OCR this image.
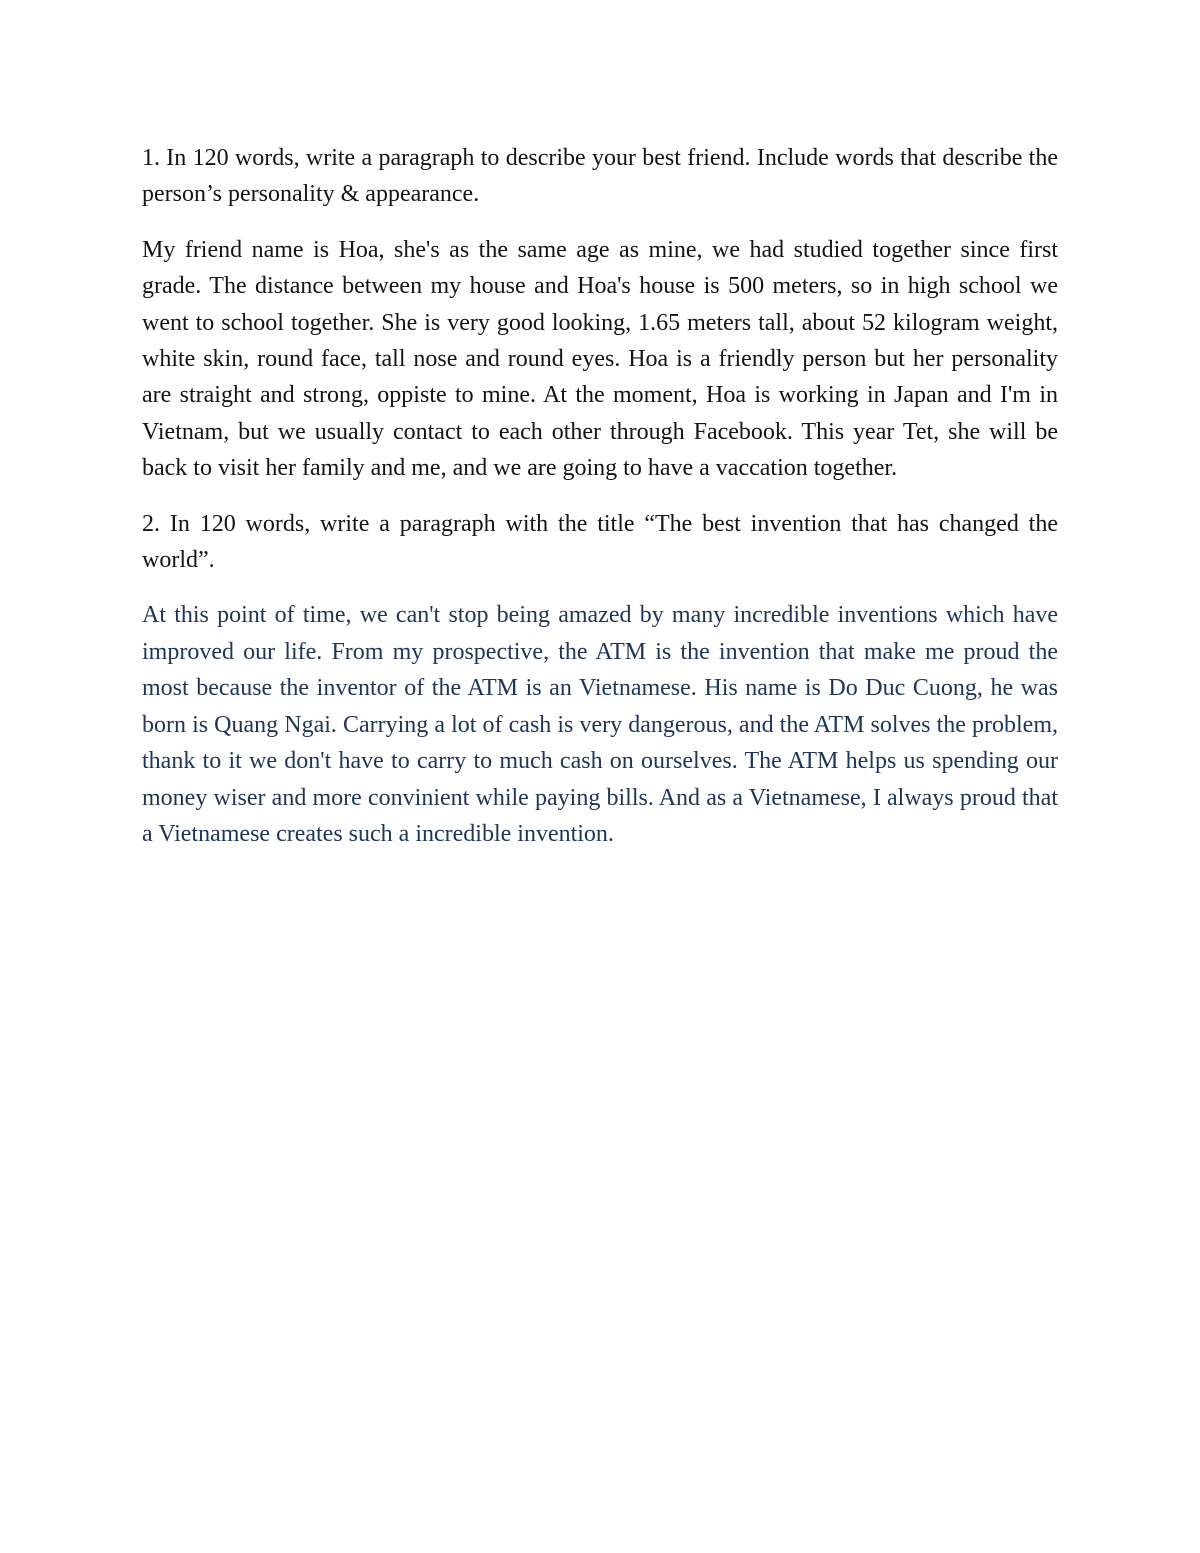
1. In 120 words, write a paragraph to describe your best friend. Include words that describe the person’s personality & appearance.

My friend name is Hoa, she's as the same age as mine, we had studied together since first grade. The distance between my house and Hoa's house is 500 meters, so in high school we went to school together. She is very good looking, 1.65 meters tall, about 52 kilogram weight, white skin, round face, tall nose and round eyes. Hoa is a friendly person but her personality are straight and strong, oppiste to mine. At the moment, Hoa is working in Japan and I'm in Vietnam, but we usually contact to each other through Facebook. This year Tet, she will be back to visit her family and me, and we are going to have a vaccation together.

2. In 120 words, write a paragraph with the title “The best invention that has changed the world”.

At this point of time, we can't stop being amazed by many incredible inventions which have improved our life. From my prospective, the ATM is the invention that make me proud the most because the inventor of the ATM is an Vietnamese. His name is Do Duc Cuong, he was born is Quang Ngai. Carrying a lot of cash is very dangerous, and the ATM solves the problem, thank to it we don't have to carry to much cash on ourselves. The ATM helps us spending our money wiser and more convinient while paying bills. And as a Vietnamese, I always proud that a Vietnamese creates such a incredible invention.
